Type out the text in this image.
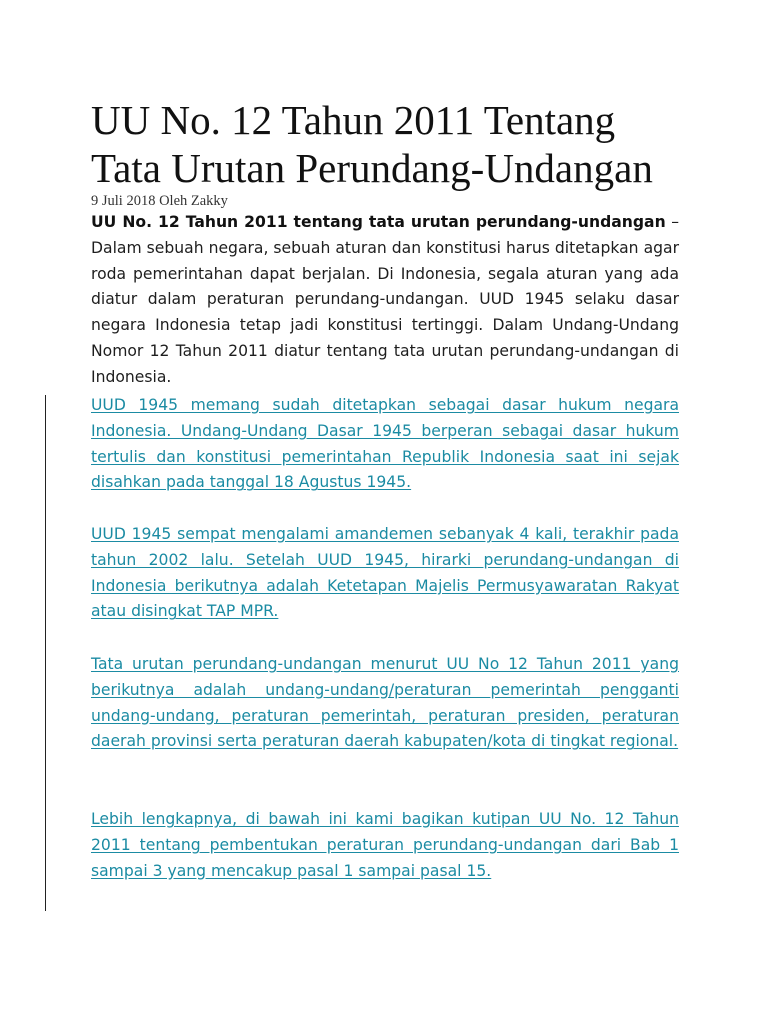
UU No. 12 Tahun 2011 Tentang Tata Urutan Perundang-Undangan

9 Juli 2018 Oleh Zakky

UU No. 12 Tahun 2011 tentang tata urutan perundang-undangan – Dalam sebuah negara, sebuah aturan dan konstitusi harus ditetapkan agar roda pemerintahan dapat berjalan. Di Indonesia, segala aturan yang ada diatur dalam peraturan perundang-undangan. UUD 1945 selaku dasar negara Indonesia tetap jadi konstitusi tertinggi. Dalam Undang-Undang Nomor 12 Tahun 2011 diatur tentang tata urutan perundang-undangan di Indonesia.

UUD 1945 memang sudah ditetapkan sebagai dasar hukum negara Indonesia. Undang-Undang Dasar 1945 berperan sebagai dasar hukum tertulis dan konstitusi pemerintahan Republik Indonesia saat ini sejak disahkan pada tanggal 18 Agustus 1945.

UUD 1945 sempat mengalami amandemen sebanyak 4 kali, terakhir pada tahun 2002 lalu. Setelah UUD 1945, hirarki perundang-undangan di Indonesia berikutnya adalah Ketetapan Majelis Permusyawaratan Rakyat atau disingkat TAP MPR.

Tata urutan perundang-undangan menurut UU No 12 Tahun 2011 yang berikutnya adalah undang-undang/peraturan pemerintah pengganti undang-undang, peraturan pemerintah, peraturan presiden, peraturan daerah provinsi serta peraturan daerah kabupaten/kota di tingkat regional.

Lebih lengkapnya, di bawah ini kami bagikan kutipan UU No. 12 Tahun 2011 tentang pembentukan peraturan perundang-undangan dari Bab 1 sampai 3 yang mencakup pasal 1 sampai pasal 15.
